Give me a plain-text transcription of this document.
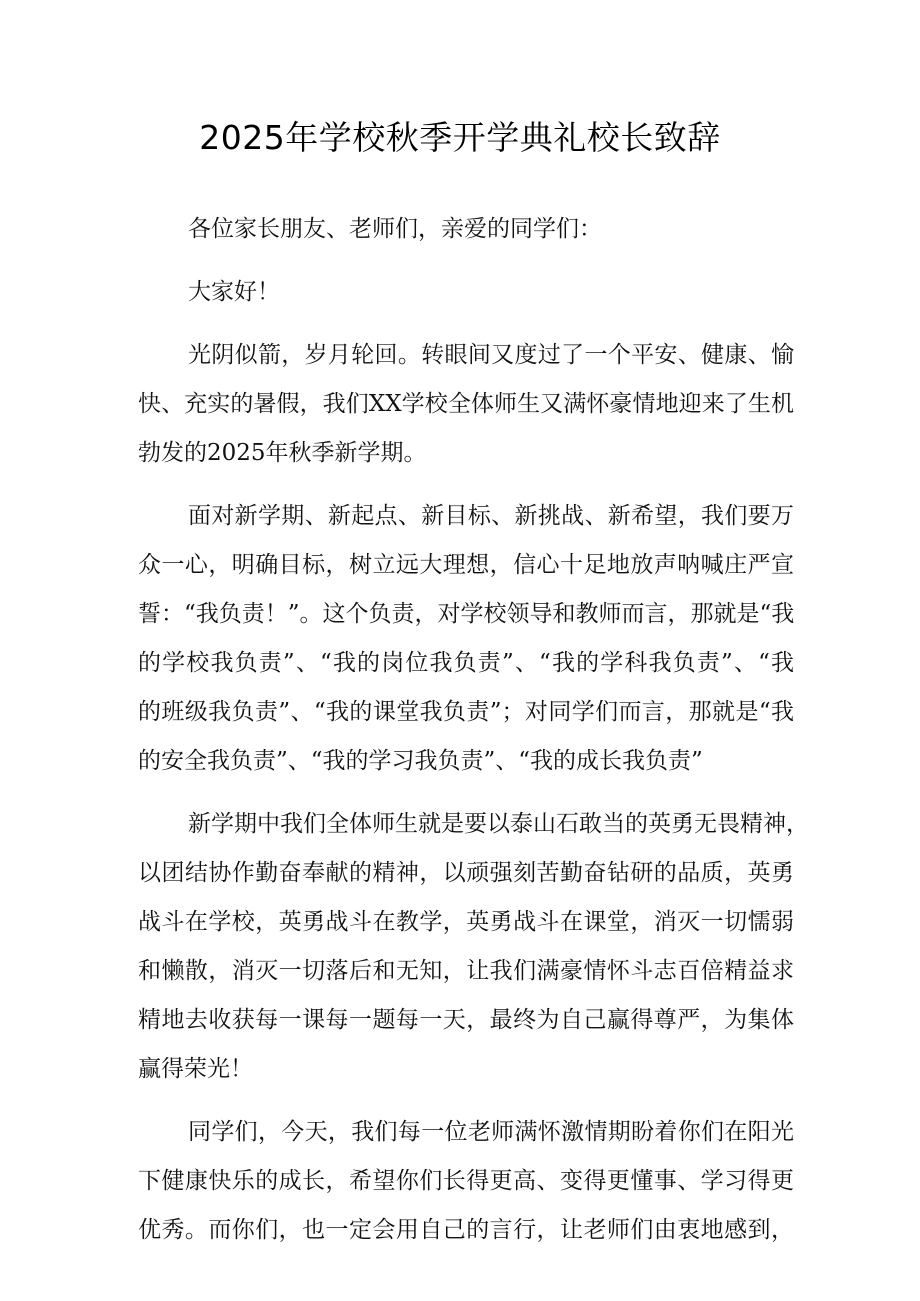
2025年学校秋季开学典礼校长致辞
各位家长朋友、老师们，亲爱的同学们：
大家好！
光阴似箭，岁月轮回。转眼间又度过了一个平安、健康、愉
快、充实的暑假，我们XX学校全体师生又满怀豪情地迎来了生机
勃发的2025年秋季新学期。
面对新学期、新起点、新目标、新挑战、新希望，我们要万
众一心，明确目标，树立远大理想，信心十足地放声呐喊庄严宣
誓：“我负责！”。这个负责，对学校领导和教师而言，那就是“我
的学校我负责”、“我的岗位我负责”、“我的学科我负责”、“我
的班级我负责”、“我的课堂我负责”；对同学们而言，那就是“我
的安全我负责”、“我的学习我负责”、“我的成长我负责”
新学期中我们全体师生就是要以泰山石敢当的英勇无畏精神，
以团结协作勤奋奉献的精神，以顽强刻苦勤奋钻研的品质，英勇
战斗在学校，英勇战斗在教学，英勇战斗在课堂，消灭一切懦弱
和懒散，消灭一切落后和无知，让我们满豪情怀斗志百倍精益求
精地去收获每一课每一题每一天，最终为自己赢得尊严，为集体
赢得荣光！
同学们，今天，我们每一位老师满怀激情期盼着你们在阳光
下健康快乐的成长，希望你们长得更高、变得更懂事、学习得更
优秀。而你们，也一定会用自己的言行，让老师们由衷地感到，
